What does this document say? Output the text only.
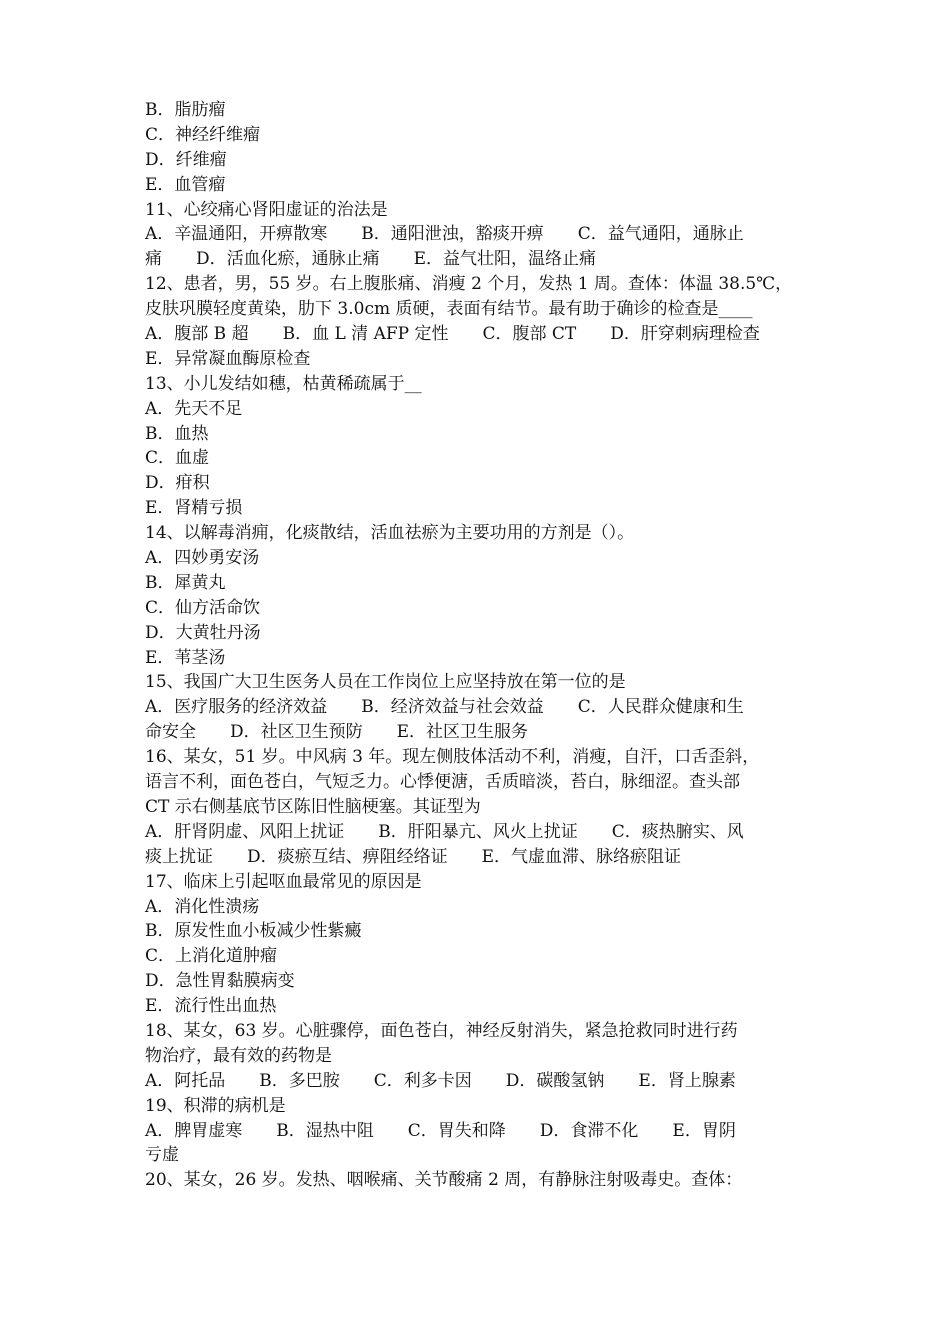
B．脂肪瘤
C．神经纤维瘤
D．纤维瘤
E．血管瘤
11、心绞痛心肾阳虚证的治法是
A．辛温通阳，开痹散寒　　B．通阳泄浊，豁痰开痹　　C．益气通阳，通脉止
痛　　D．活血化瘀，通脉止痛　　E．益气壮阳，温络止痛
12、患者，男，55 岁。右上腹胀痛、消瘦 2 个月，发热 1 周。查体：体温 38.5℃，
皮肤巩膜轻度黄染，肋下 3.0cm 质硬，表面有结节。最有助于确诊的检查是____
A．腹部 B 超　　B．血 L 清 AFP 定性　　C．腹部 CT　　D．肝穿刺病理检查
E．异常凝血酶原检查
13、小儿发结如穗，枯黄稀疏属于__
A．先天不足
B．血热
C．血虚
D．疳积
E．肾精亏损
14、以解毒消痈，化痰散结，活血祛瘀为主要功用的方剂是（）。
A．四妙勇安汤
B．犀黄丸
C．仙方活命饮
D．大黄牡丹汤
E．苇茎汤
15、我国广大卫生医务人员在工作岗位上应坚持放在第一位的是
A．医疗服务的经济效益　　B．经济效益与社会效益　　C．人民群众健康和生
命安全　　D．社区卫生预防　　E．社区卫生服务
16、某女，51 岁。中风病 3 年。现左侧肢体活动不利，消瘦，自汗，口舌歪斜，
语言不利，面色苍白，气短乏力。心悸便溏，舌质暗淡，苔白，脉细涩。查头部
CT 示右侧基底节区陈旧性脑梗塞。其证型为
A．肝肾阴虚、风阳上扰证　　B．肝阳暴亢、风火上扰证　　C．痰热腑实、风
痰上扰证　　D．痰瘀互结、痹阻经络证　　E．气虚血滞、脉络瘀阻证
17、临床上引起呕血最常见的原因是
A．消化性溃疡
B．原发性血小板减少性紫癜
C．上消化道肿瘤
D．急性胃黏膜病变
E．流行性出血热
18、某女，63 岁。心脏骤停，面色苍白，神经反射消失，紧急抢救同时进行药
物治疗，最有效的药物是
A．阿托品　　B．多巴胺　　C．利多卡因　　D．碳酸氢钠　　E．肾上腺素
19、积滞的病机是
A．脾胃虚寒　　B．湿热中阻　　C．胃失和降　　D．食滞不化　　E．胃阴
亏虚
20、某女，26 岁。发热、咽喉痛、关节酸痛 2 周，有静脉注射吸毒史。查体：
